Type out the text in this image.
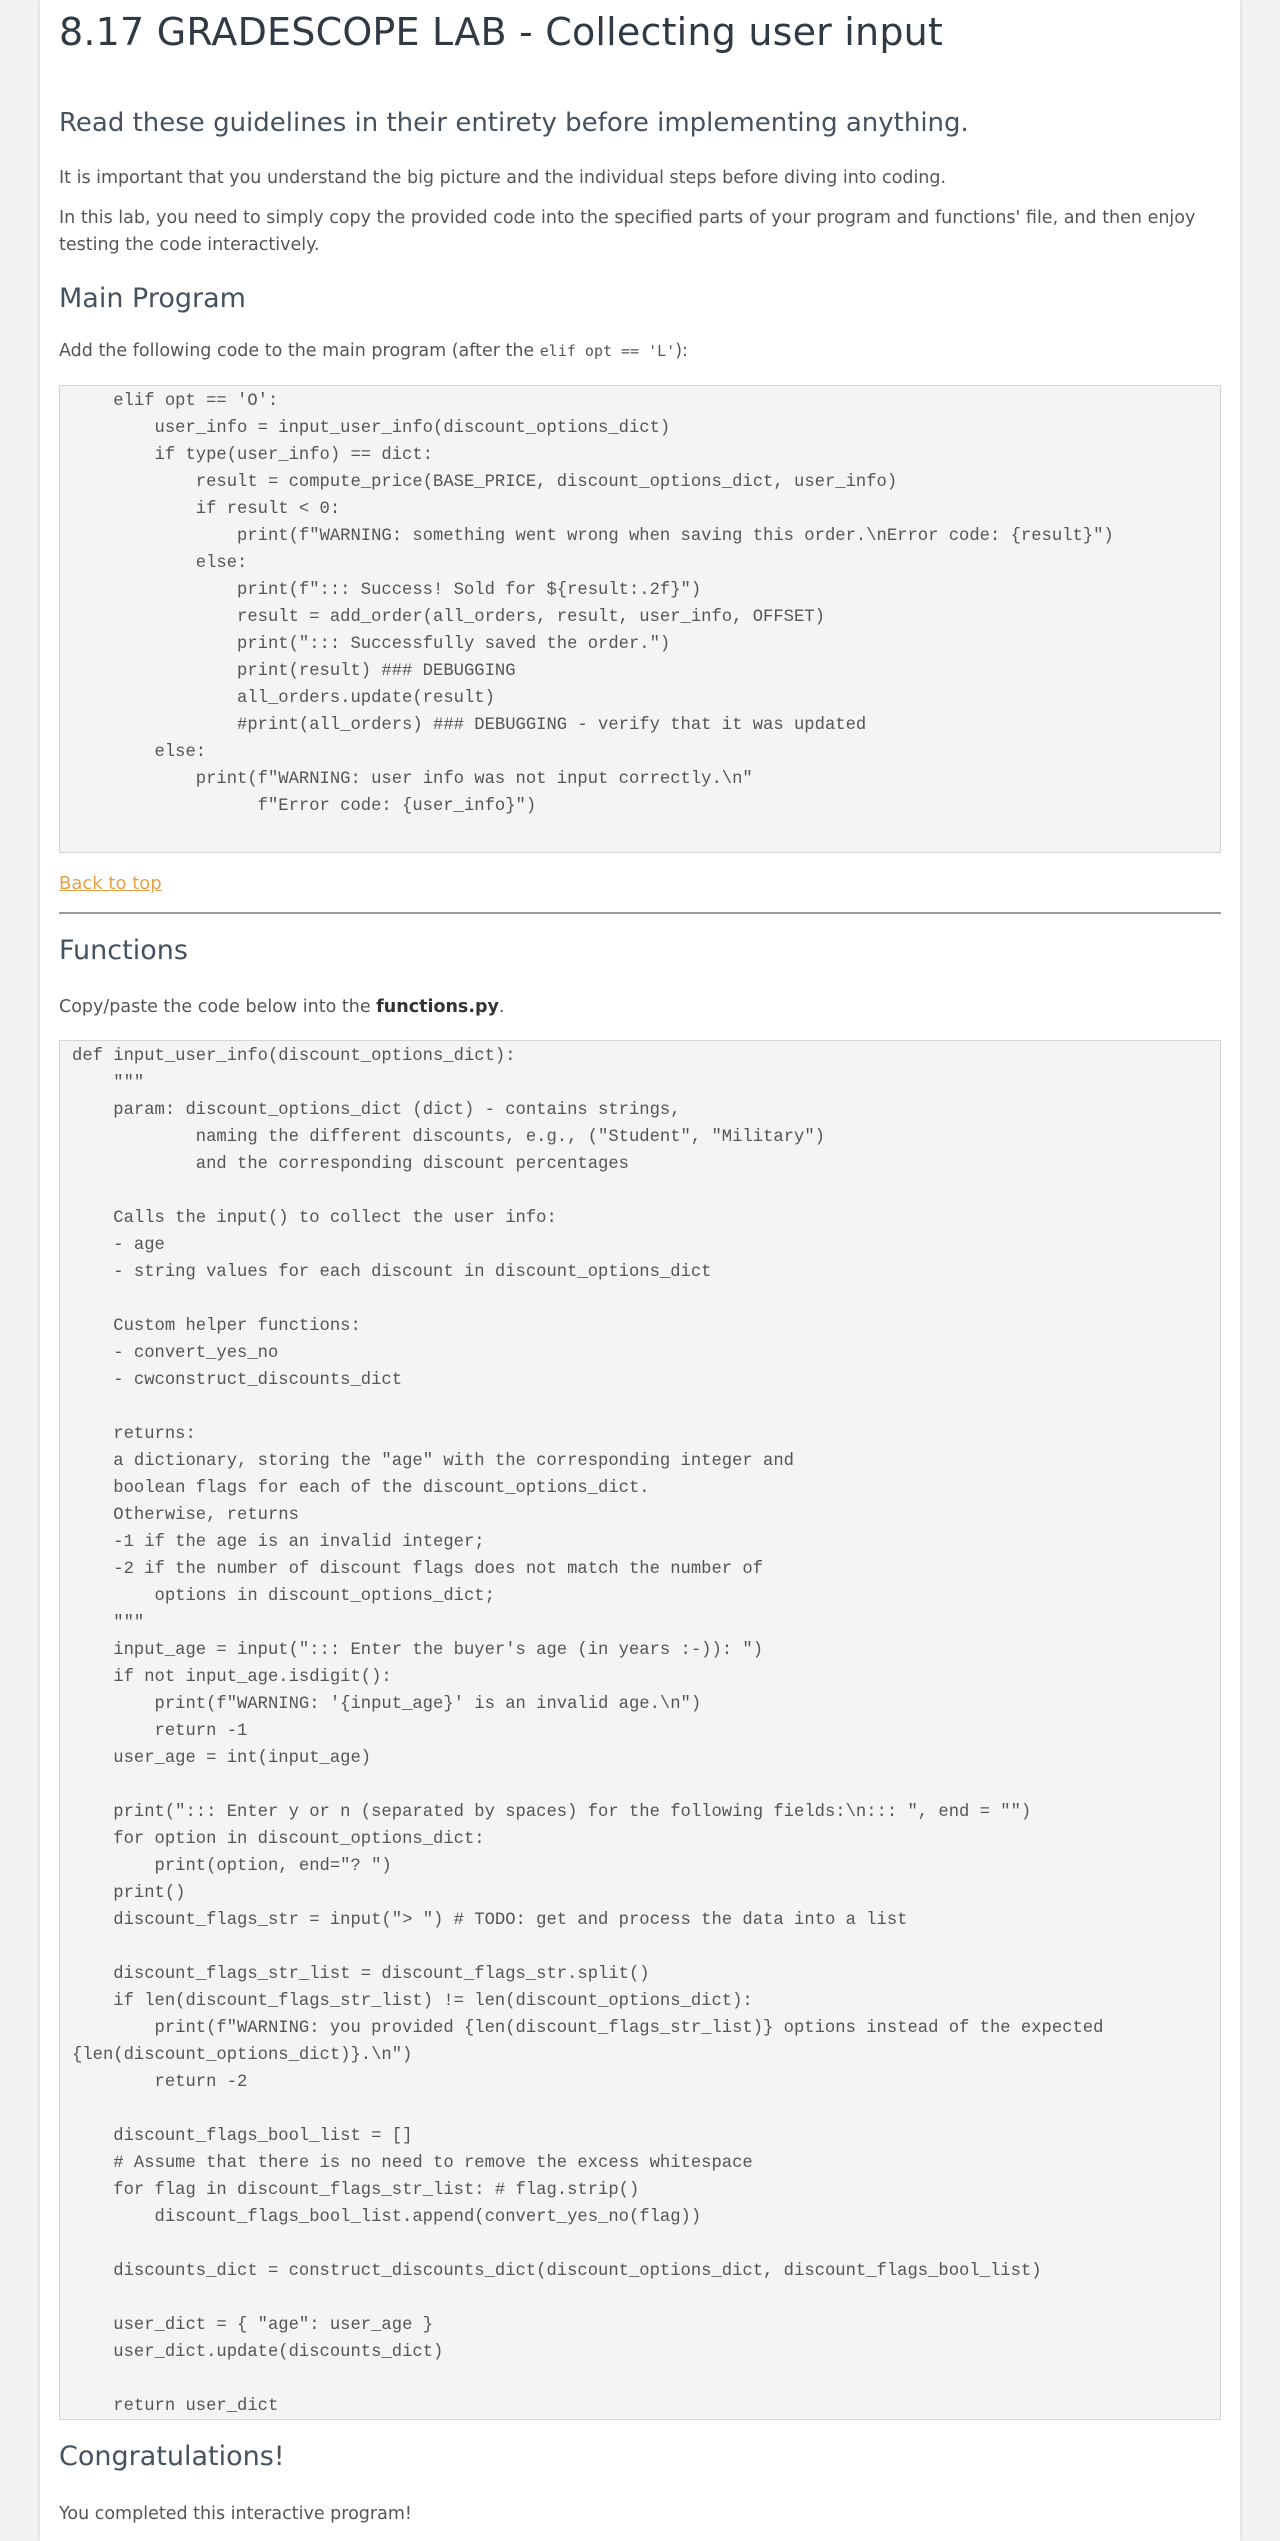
8.17 GRADESCOPE LAB - Collecting user input
Read these guidelines in their entirety before implementing anything.

It is important that you understand the big picture and the individual steps before diving into coding.

In this lab, you need to simply copy the provided code into the specified parts of your program and functions' file, and then enjoy testing the code interactively.

Main Program

Add the following code to the main program (after the elif opt == 'L'):

elif opt == 'O':
user_info = input_user_info(discount_options_dict)
if type(user_info) == dict:
result = compute_price(BASE_PRICE, discount_options_dict, user_info)
if result < 0:
print(f"WARNING: something went wrong when saving this order.\nError code: {result}")
else:
print(f"::: Success! Sold for ${result:.2f}")
result = add_order(all_orders, result, user_info, OFFSET)
print("::: Successfully saved the order.")
print(result) ### DEBUGGING
all_orders.update(result)
#print(all_orders) ### DEBUGGING - verify that it was updated
else:
print(f"WARNING: user info was not input correctly.\n"
f"Error code: {user_info}")
Back to top
Functions

Copy/paste the code below into the functions.py.

def input_user_info(discount_options_dict):
"""
param: discount_options_dict (dict) - contains strings,
naming the different discounts, e.g., ("Student", "Military")
and the corresponding discount percentages

Calls the input() to collect the user info:
- age
- string values for each discount in discount_options_dict

Custom helper functions:
- convert_yes_no
- cwconstruct_discounts_dict

returns:
a dictionary, storing the "age" with the corresponding integer and
boolean flags for each of the discount_options_dict.
Otherwise, returns
-1 if the age is an invalid integer;
-2 if the number of discount flags does not match the number of
options in discount_options_dict;
"""
input_age = input("::: Enter the buyer's age (in years :-)): ")
if not input_age.isdigit():
print(f"WARNING: '{input_age}' is an invalid age.\n")
return -1
user_age = int(input_age)

print("::: Enter y or n (separated by spaces) for the following fields:\n::: ", end = "")
for option in discount_options_dict:
print(option, end="? ")
print()
discount_flags_str = input("> ") # TODO: get and process the data into a list

discount_flags_str_list = discount_flags_str.split()
if len(discount_flags_str_list) != len(discount_options_dict):
print(f"WARNING: you provided {len(discount_flags_str_list)} options instead of the expected {len(discount_options_dict)}.\n")
return -2

discount_flags_bool_list = []
# Assume that there is no need to remove the excess whitespace
for flag in discount_flags_str_list: # flag.strip()
discount_flags_bool_list.append(convert_yes_no(flag))

discounts_dict = construct_discounts_dict(discount_options_dict, discount_flags_bool_list)

user_dict = { "age": user_age }
user_dict.update(discounts_dict)

return user_dict
Congratulations!

You completed this interactive program!
